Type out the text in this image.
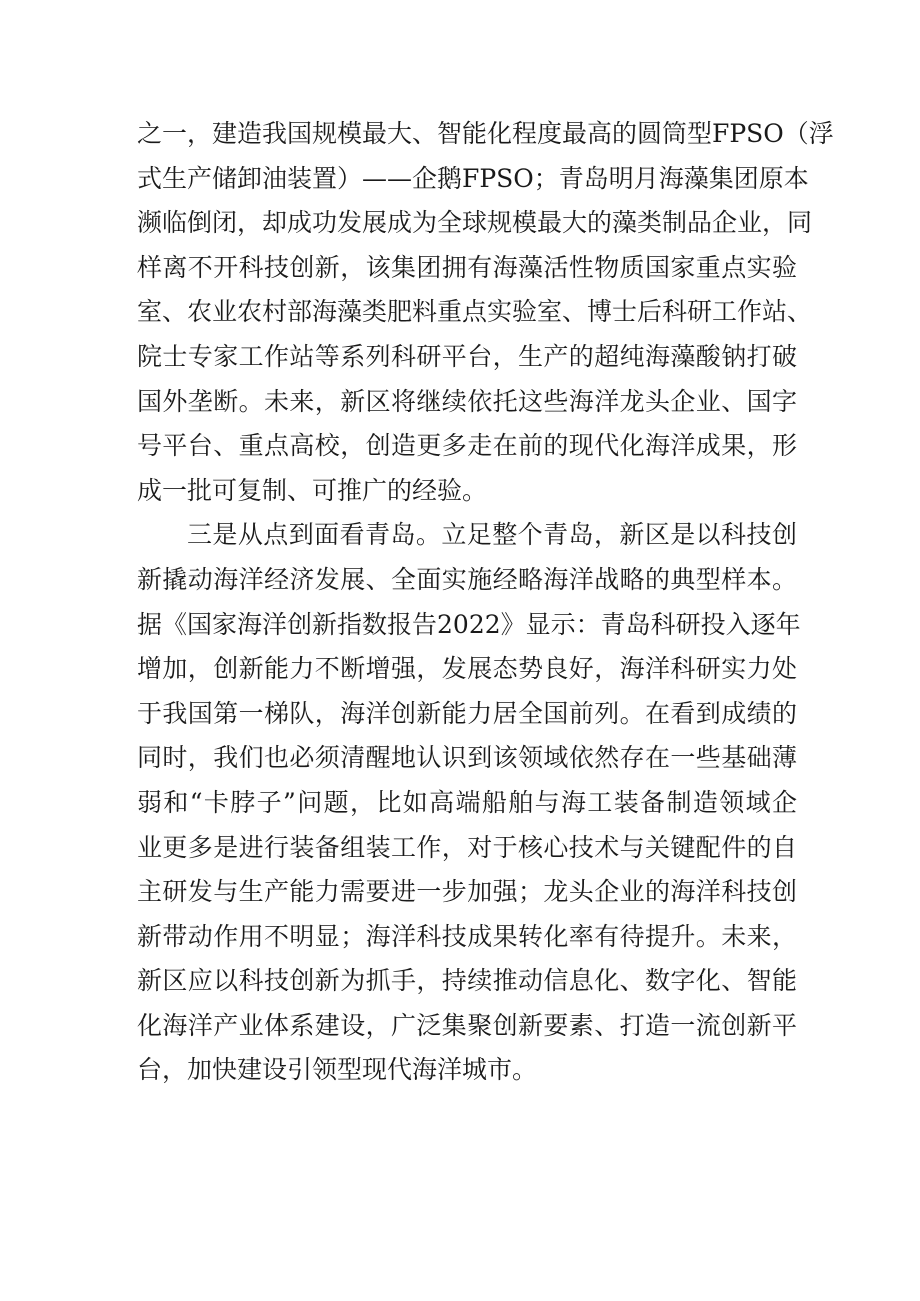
之一，建造我国规模最大、智能化程度最高的圆筒型FPSO（浮
式生产储卸油装置）——企鹅FPSO；青岛明月海藻集团原本
濒临倒闭，却成功发展成为全球规模最大的藻类制品企业，同
样离不开科技创新，该集团拥有海藻活性物质国家重点实验
室、农业农村部海藻类肥料重点实验室、博士后科研工作站、
院士专家工作站等系列科研平台，生产的超纯海藻酸钠打破
国外垄断。未来，新区将继续依托这些海洋龙头企业、国字
号平台、重点高校，创造更多走在前的现代化海洋成果，形
成一批可复制、可推广的经验。
三是从点到面看青岛。立足整个青岛，新区是以科技创
新撬动海洋经济发展、全面实施经略海洋战略的典型样本。
据《国家海洋创新指数报告2022》显示：青岛科研投入逐年
增加，创新能力不断增强，发展态势良好，海洋科研实力处
于我国第一梯队，海洋创新能力居全国前列。在看到成绩的
同时，我们也必须清醒地认识到该领域依然存在一些基础薄
弱和“卡脖子”问题，比如高端船舶与海工装备制造领域企
业更多是进行装备组装工作，对于核心技术与关键配件的自
主研发与生产能力需要进一步加强；龙头企业的海洋科技创
新带动作用不明显；海洋科技成果转化率有待提升。未来，
新区应以科技创新为抓手，持续推动信息化、数字化、智能
化海洋产业体系建设，广泛集聚创新要素、打造一流创新平
台，加快建设引领型现代海洋城市。
